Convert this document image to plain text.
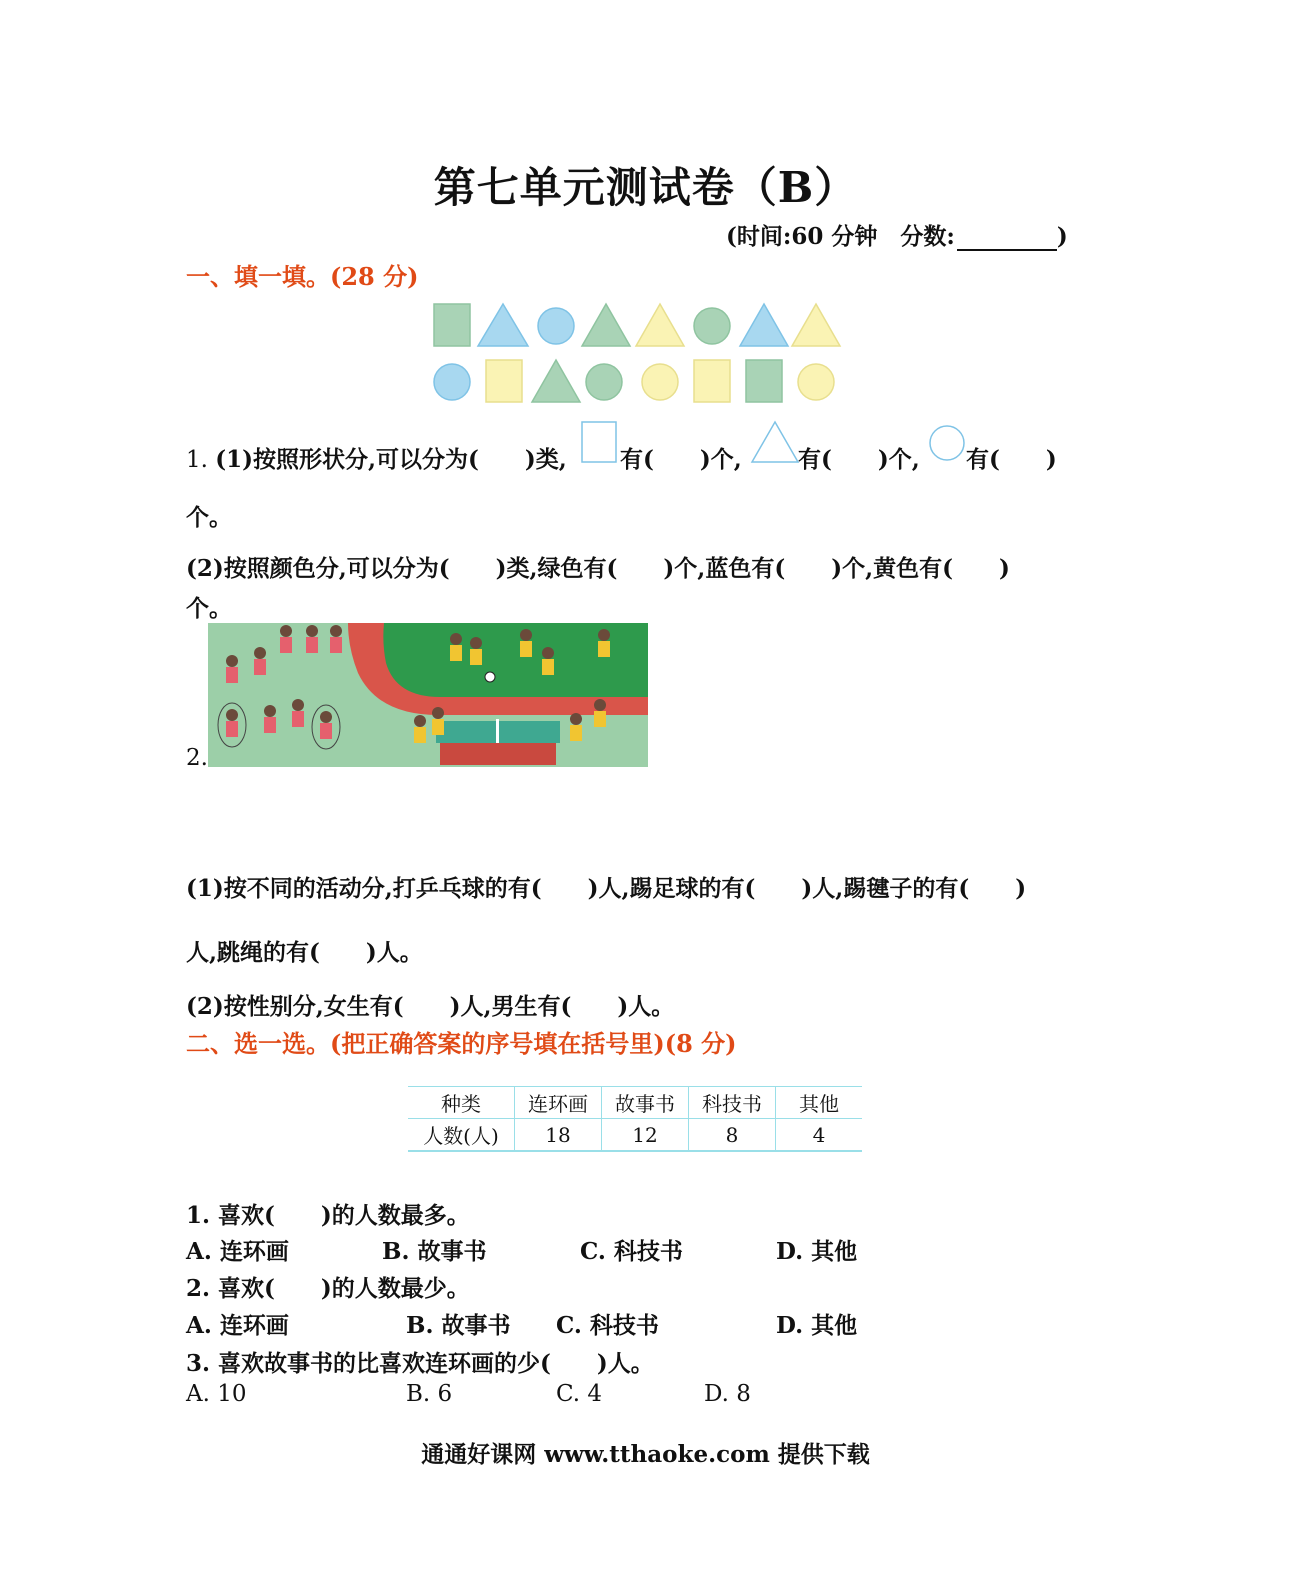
第七单元测试卷（B）
(时间:60 分钟　分数:	)
一、填一填。(28 分)
1. (1)按照形状分,可以分为(　　)类, 有(　　)个, 有(　　)个, 有(　　)
个。
(2)按照颜色分,可以分为(　　)类,绿色有(　　)个,蓝色有(　　)个,黄色有(　　)
个。
2.
(1)按不同的活动分,打乒乓球的有(　　)人,踢足球的有(　　)人,踢毽子的有(　　)
人,跳绳的有(　　)人。
(2)按性别分,女生有(　　)人,男生有(　　)人。
二、选一选。(把正确答案的序号填在括号里)(8 分)
种类	连环画	故事书	科技书	其他
人数(人)	18	12	8	4
1. 喜欢(　　)的人数最多。
A. 连环画	B. 故事书	C. 科技书	D. 其他
2. 喜欢(　　)的人数最少。
A. 连环画	B. 故事书 C. 科技书	D. 其他
3. 喜欢故事书的比喜欢连环画的少(　　)人。
A. 10	B. 6	C. 4	D. 8
通通好课网 www.tthaoke.com 提供下载
